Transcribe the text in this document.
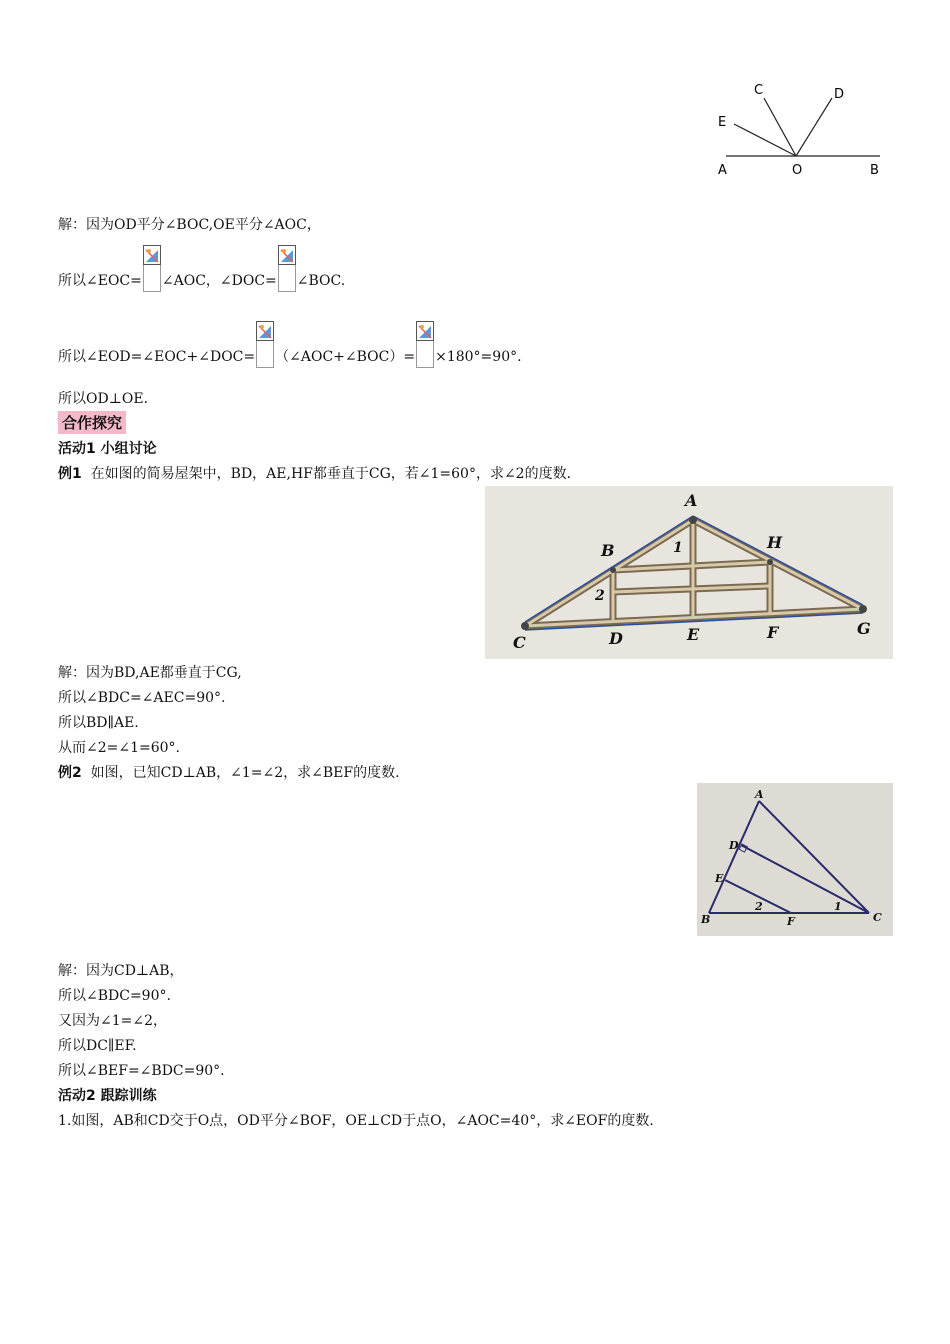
C	D
E
A	O	B
解：因为OD平分∠BOC,OE平分∠AOC，
所以∠EOC= ∠AOC，∠DOC= ∠BOC.
所以∠EOD=∠EOC+∠DOC= （∠AOC+∠BOC）= ×180°=90°.
所以OD⊥OE.
合作探究
活动1 小组讨论
例1 在如图的简易屋架中，BD，AE,HF都垂直于CG，若∠1=60°，求∠2的度数.
A
B	H
C	D	E	F	G
1
2
解：因为BD,AE都垂直于CG,
所以∠BDC=∠AEC=90°.
所以BD∥AE.
从而∠2=∠1=60°.
例2 如图，已知CD⊥AB，∠1=∠2，求∠BEF的度数.
A
D
E
B	F	C
1
2
解：因为CD⊥AB，
所以∠BDC=90°.
又因为∠1=∠2，
所以DC∥EF.
所以∠BEF=∠BDC=90°.
活动2 跟踪训练
1.如图，AB和CD交于O点，OD平分∠BOF，OE⊥CD于点O，∠AOC=40°，求∠EOF的度数.
